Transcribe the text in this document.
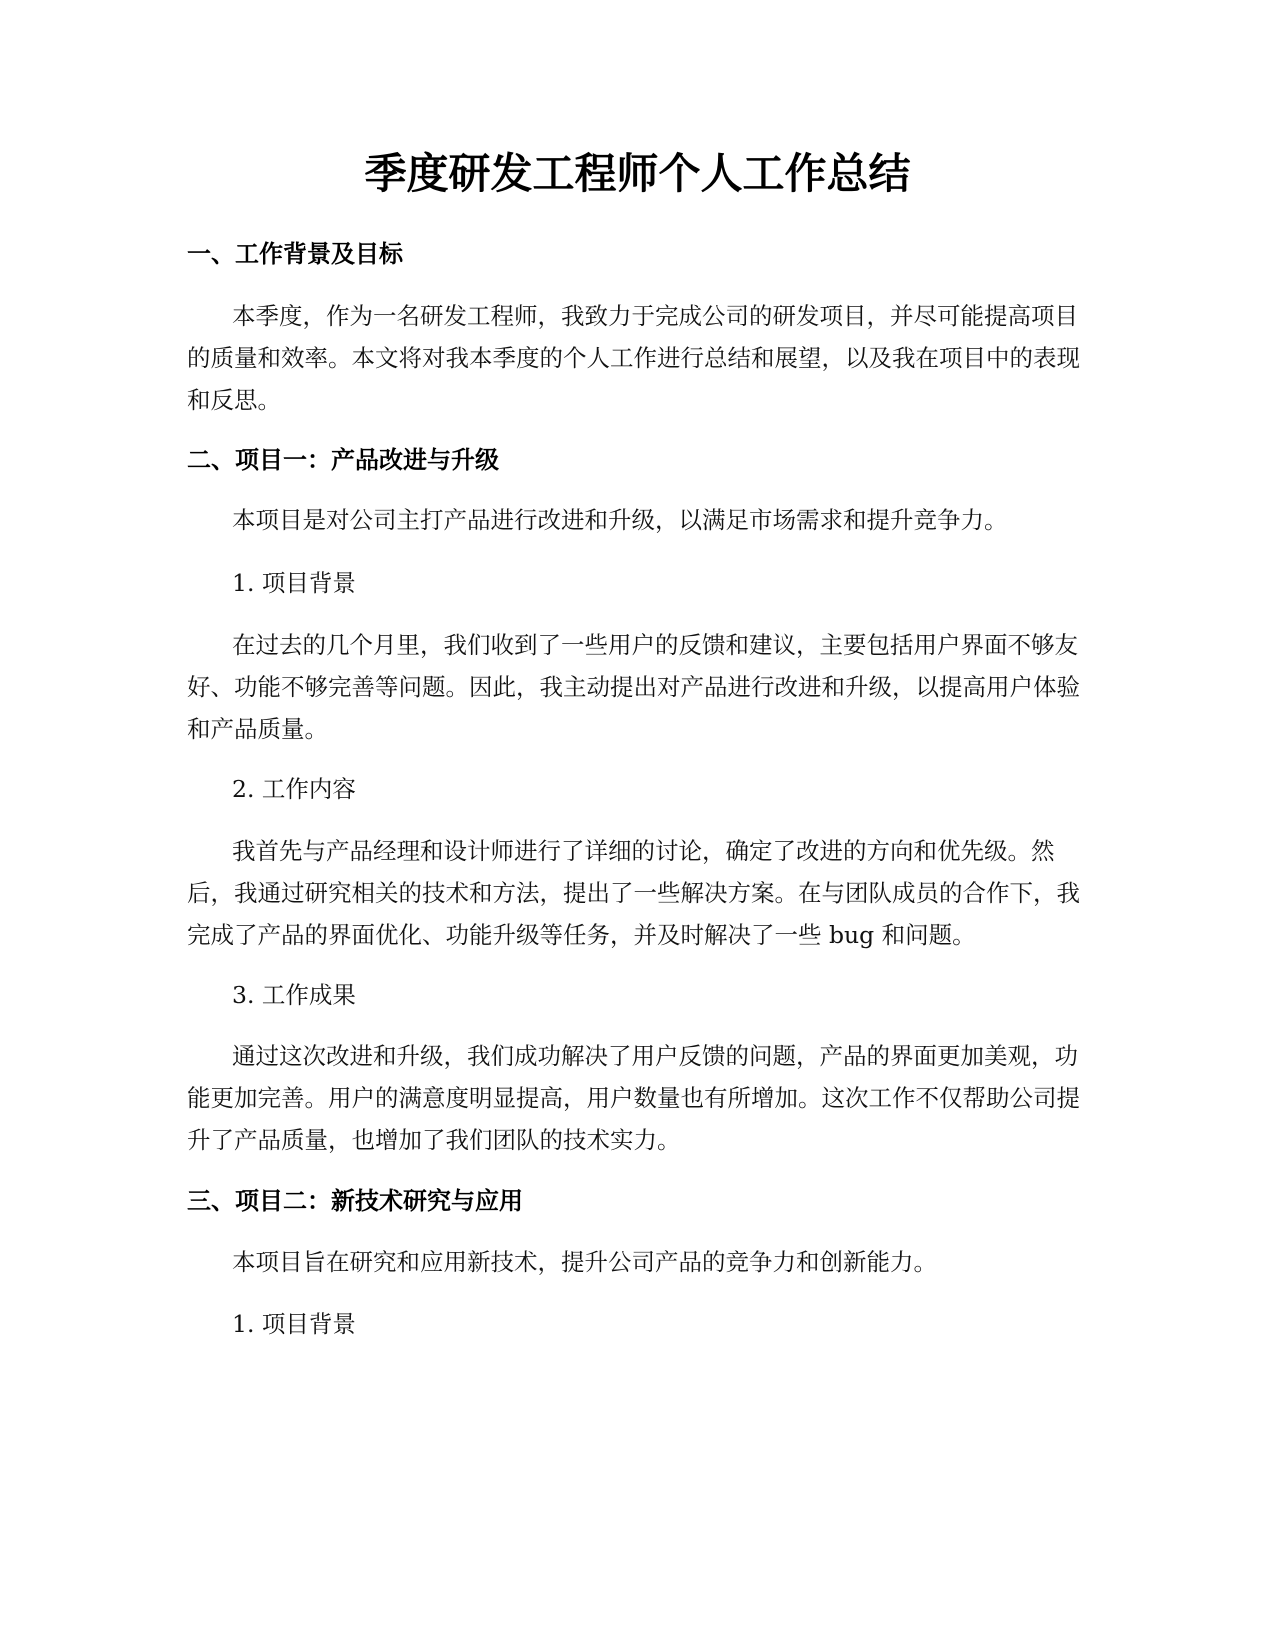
季度研发工程师个人工作总结
一、工作背景及目标

本季度，作为一名研发工程师，我致力于完成公司的研发项目，并尽可能提高项目的质量和效率。本文将对我本季度的个人工作进行总结和展望，以及我在项目中的表现和反思。

二、项目一：产品改进与升级

本项目是对公司主打产品进行改进和升级，以满足市场需求和提升竞争力。

1. 项目背景

在过去的几个月里，我们收到了一些用户的反馈和建议，主要包括用户界面不够友好、功能不够完善等问题。因此，我主动提出对产品进行改进和升级，以提高用户体验和产品质量。

2. 工作内容

我首先与产品经理和设计师进行了详细的讨论，确定了改进的方向和优先级。然后，我通过研究相关的技术和方法，提出了一些解决方案。在与团队成员的合作下，我完成了产品的界面优化、功能升级等任务，并及时解决了一些 bug 和问题。

3. 工作成果

通过这次改进和升级，我们成功解决了用户反馈的问题，产品的界面更加美观，功能更加完善。用户的满意度明显提高，用户数量也有所增加。这次工作不仅帮助公司提升了产品质量，也增加了我们团队的技术实力。

三、项目二：新技术研究与应用

本项目旨在研究和应用新技术，提升公司产品的竞争力和创新能力。

1. 项目背景
